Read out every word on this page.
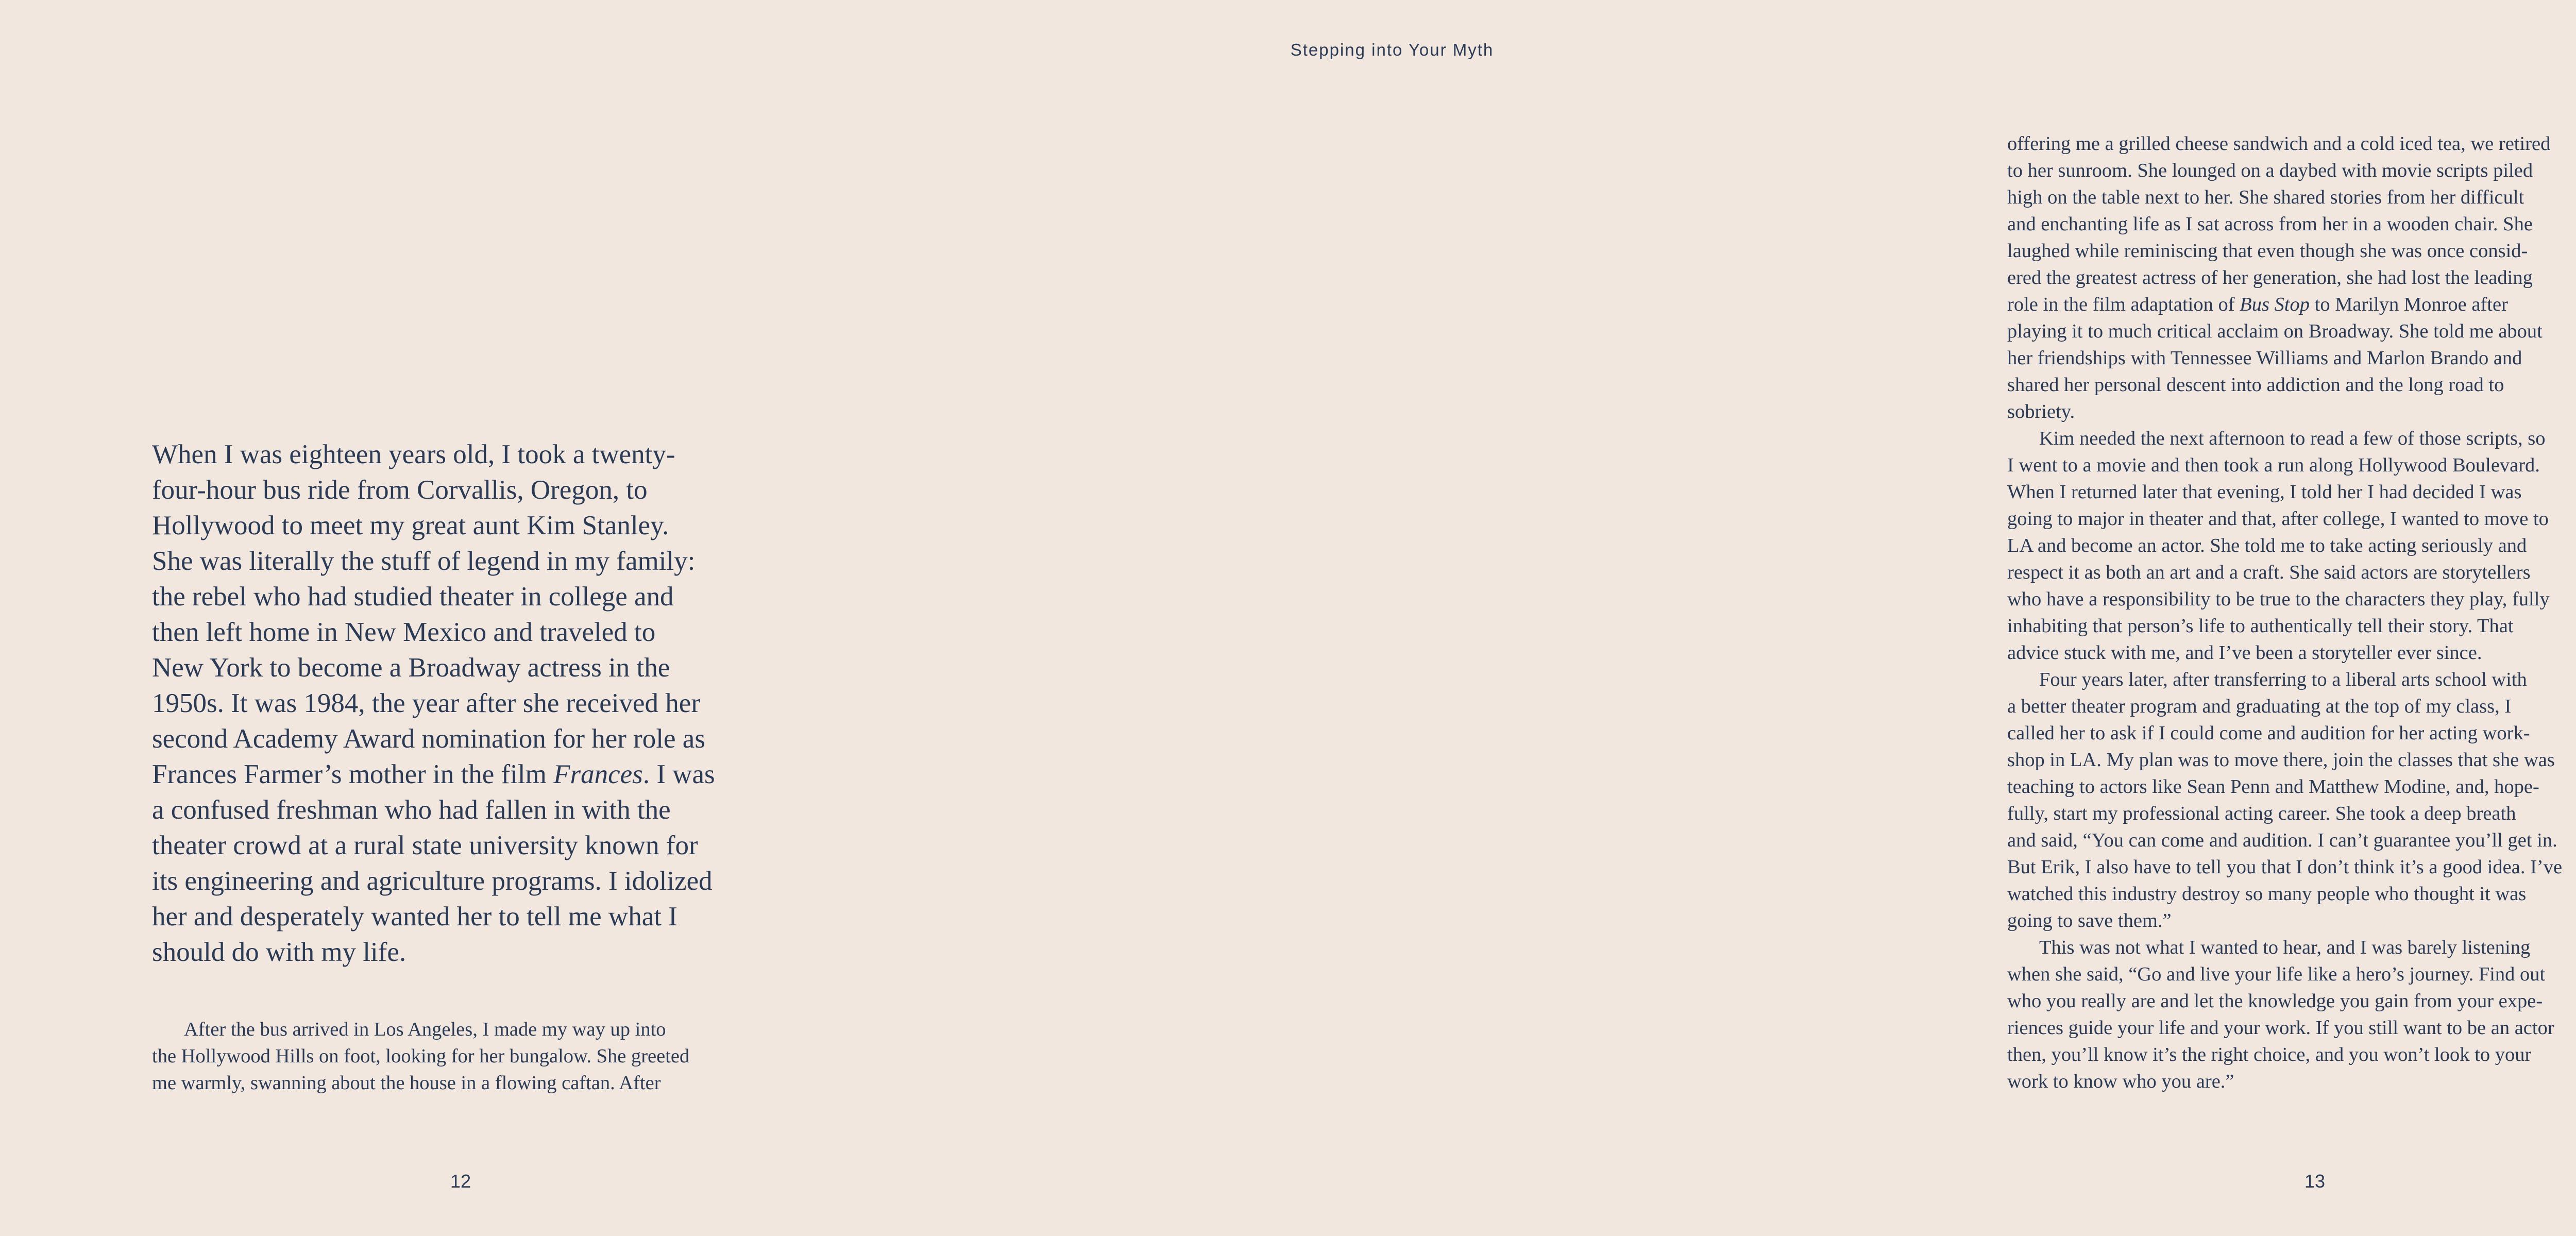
When I was eighteen years old, I took a twenty-
four-hour bus ride from Corvallis, Oregon, to
Hollywood to meet my great aunt Kim Stanley.
She was literally the stuff of legend in my family:
the rebel who had studied theater in college and
then left home in New Mexico and traveled to
New York to become a Broadway actress in the
1950s. It was 1984, the year after she received her
second Academy Award nomination for her role as
Frances Farmer’s mother in the film Frances. I was
a confused freshman who had fallen in with the
theater crowd at a rural state university known for
its engineering and agriculture programs. I idolized
her and desperately wanted her to tell me what I
should do with my life.
After the bus arrived in Los Angeles, I made my way up into
the Hollywood Hills on foot, looking for her bungalow. She greeted
me warmly, swanning about the house in a flowing caftan. After

12

Stepping into Your Myth

offering me a grilled cheese sandwich and a cold iced tea, we retired
to her sunroom. She lounged on a daybed with movie scripts piled
high on the table next to her. She shared stories from her difficult
and enchanting life as I sat across from her in a wooden chair. She
laughed while reminiscing that even though she was once consid-
ered the greatest actress of her generation, she had lost the leading
role in the film adaptation of Bus Stop to Marilyn Monroe after
playing it to much critical acclaim on Broadway. She told me about
her friendships with Tennessee Williams and Marlon Brando and
shared her personal descent into addiction and the long road to
sobriety.
Kim needed the next afternoon to read a few of those scripts, so
I went to a movie and then took a run along Hollywood Boulevard.
When I returned later that evening, I told her I had decided I was
going to major in theater and that, after college, I wanted to move to
LA and become an actor. She told me to take acting seriously and
respect it as both an art and a craft. She said actors are storytellers
who have a responsibility to be true to the characters they play, fully
inhabiting that person’s life to authentically tell their story. That
advice stuck with me, and I’ve been a storyteller ever since.
Four years later, after transferring to a liberal arts school with
a better theater program and graduating at the top of my class, I
called her to ask if I could come and audition for her acting work-
shop in LA. My plan was to move there, join the classes that she was
teaching to actors like Sean Penn and Matthew Modine, and, hope-
fully, start my professional acting career. She took a deep breath
and said, “You can come and audition. I can’t guarantee you’ll get in.
But Erik, I also have to tell you that I don’t think it’s a good idea. I’ve
watched this industry destroy so many people who thought it was
going to save them.”
This was not what I wanted to hear, and I was barely listening
when she said, “Go and live your life like a hero’s journey. Find out
who you really are and let the knowledge you gain from your expe-
riences guide your life and your work. If you still want to be an actor
then, you’ll know it’s the right choice, and you won’t look to your
work to know who you are.”

13
